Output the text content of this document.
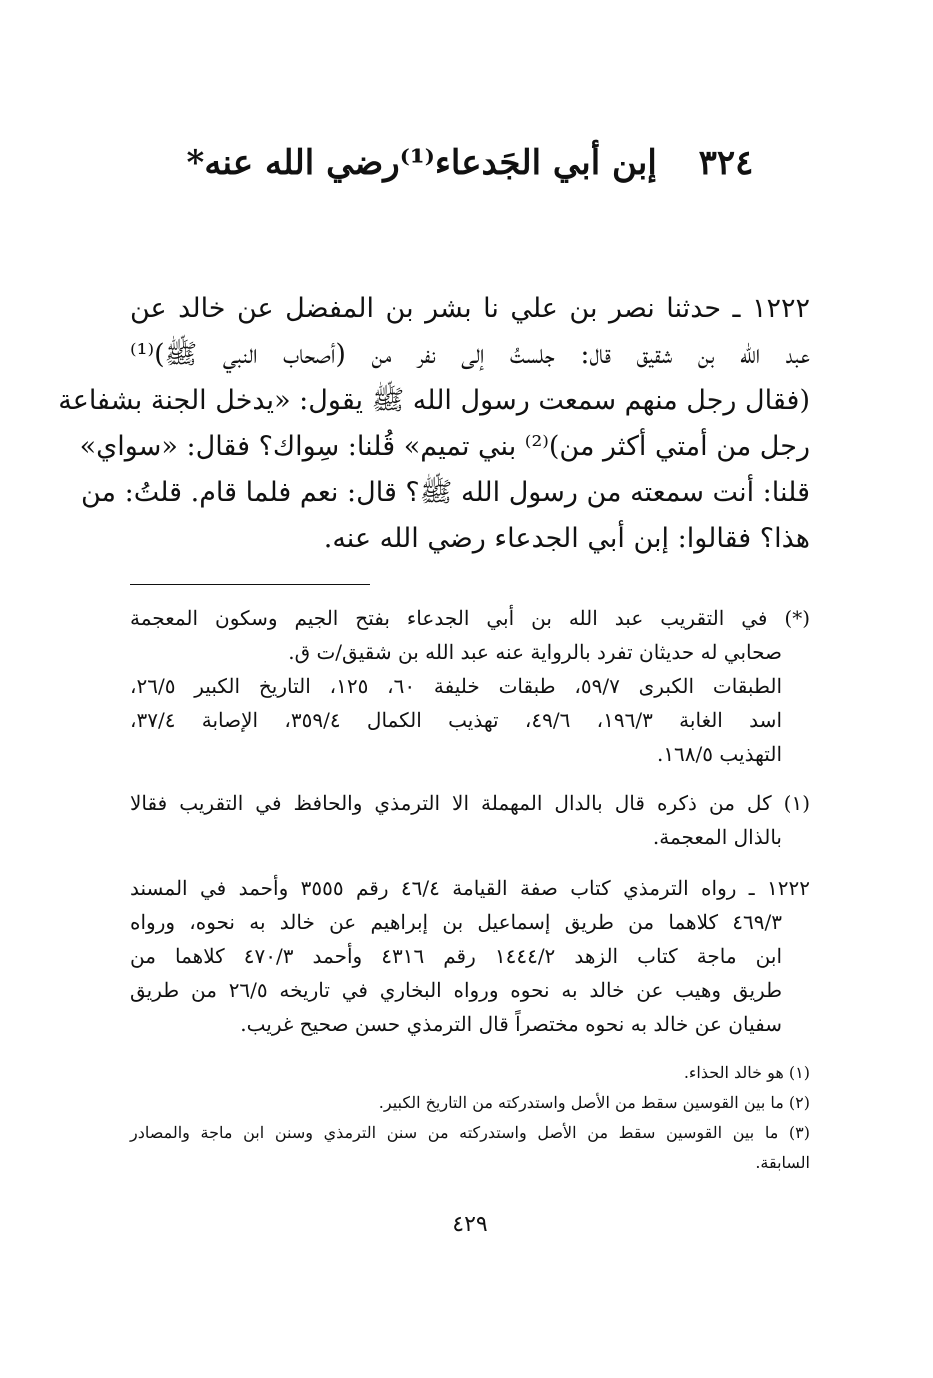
٣٢٤ إبن أبي الجَدعاء⁽¹⁾رضي الله عنه*
١٢٢٢ ـ حدثنا نصر بن علي نا بشر بن المفضل عن خالد عن
عبد الله بن شقيق قال: جلستُ إلى نفر من (أصحاب النبي ﷺ)⁽¹⁾
(فقال رجل منهم سمعت رسول الله ﷺ يقول: «يدخل الجنة بشفاعة
رجل من أمتي أكثر من)⁽²⁾ بني تميم» قُلنا: سِواك؟ فقال: «سواي»
قلنا: أنت سمعته من رسول الله ﷺ؟ قال: نعم فلما قام. قلتُ: من
هذا؟ فقالوا: إبن أبي الجدعاء رضي الله عنه.
(*) في التقريب عبد الله بن أبي الجدعاء بفتح الجيم وسكون المعجمة
صحابي له حديثان تفرد بالرواية عنه عبد الله بن شقيق/ت ق.
الطبقات الكبرى ٥٩/٧، طبقات خليفة ٦٠، ١٢٥، التاريخ الكبير ٢٦/٥،
اسد الغابة ١٩٦/٣، ٤٩/٦، تهذيب الكمال ٣٥٩/٤، الإصابة ٣٧/٤،
التهذيب ١٦٨/٥.
(١) كل من ذكره قال بالدال المهملة الا الترمذي والحافظ في التقريب فقالا
بالذال المعجمة.
١٢٢٢ ـ رواه الترمذي كتاب صفة القيامة ٤٦/٤ رقم ٣٥٥٥ وأحمد في المسند
٤٦٩/٣ كلاهما من طريق إسماعيل بن إبراهيم عن خالد به نحوه، ورواه
ابن ماجة كتاب الزهد ١٤٤٤/٢ رقم ٤٣١٦ وأحمد ٤٧٠/٣ كلاهما من
طريق وهيب عن خالد به نحوه ورواه البخاري في تاريخه ٢٦/٥ من طريق
سفيان عن خالد به نحوه مختصراً قال الترمذي حسن صحيح غريب.
(١) هو خالد الحذاء.
(٢) ما بين القوسين سقط من الأصل واستدركته من التاريخ الكبير.
(٣) ما بين القوسين سقط من الأصل واستدركته من سنن الترمذي وسنن ابن ماجة والمصادر
السابقة.
٤٢٩
